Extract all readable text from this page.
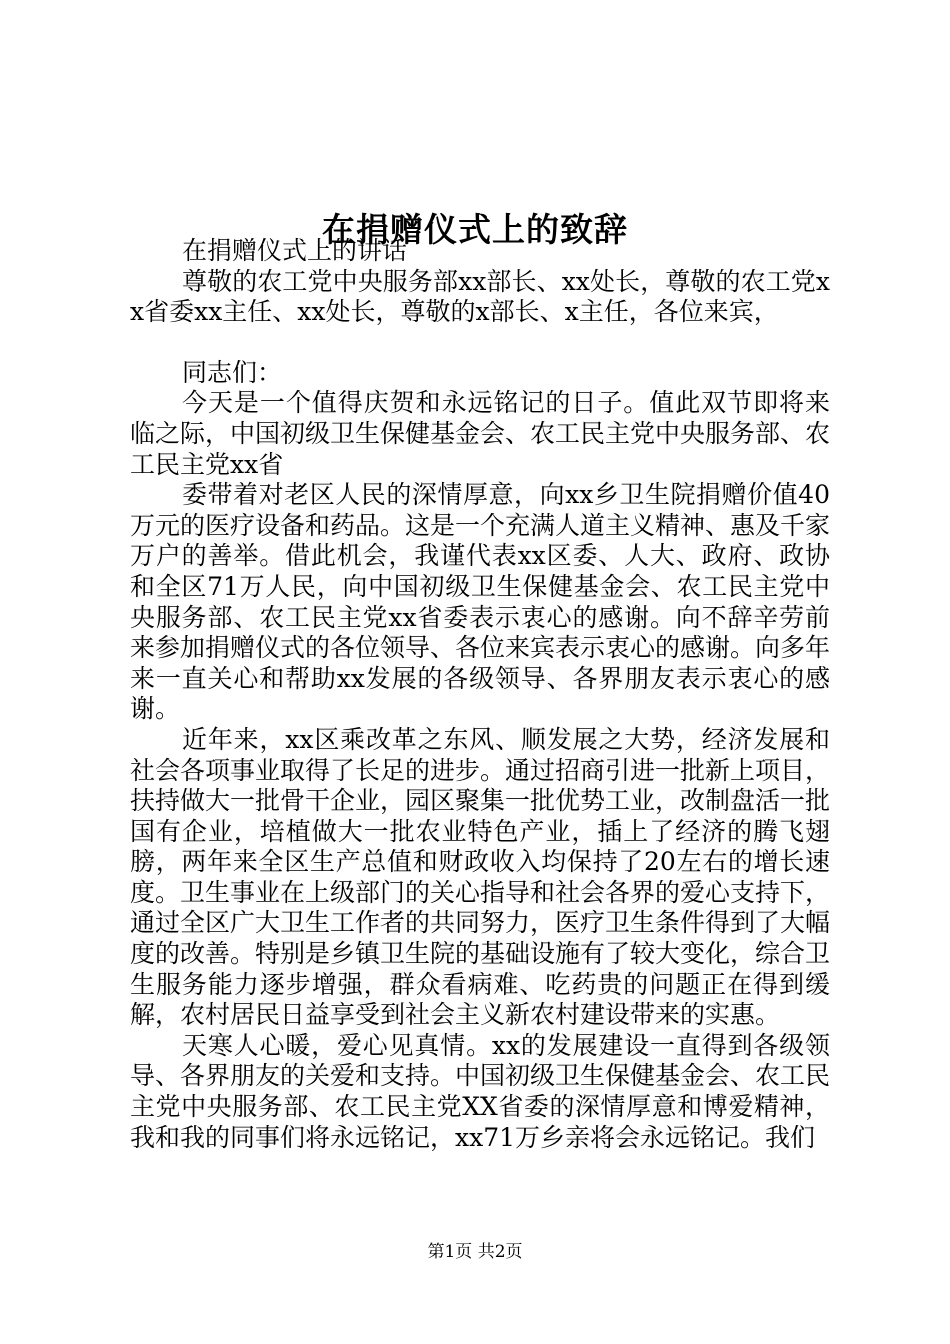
在捐赠仪式上的致辞

在捐赠仪式上的讲话

尊敬的农工党中央服务部xx部长、xx处长，尊敬的农工党xx省委xx主任、xx处长，尊敬的x部长、x主任，各位来宾，

同志们：

今天是一个值得庆贺和永远铭记的日子。值此双节即将来临之际，中国初级卫生保健基金会、农工民主党中央服务部、农工民主党xx省

委带着对老区人民的深情厚意，向xx乡卫生院捐赠价值40万元的医疗设备和药品。这是一个充满人道主义精神、惠及千家万户的善举。借此机会，我谨代表xx区委、人大、政府、政协和全区71万人民，向中国初级卫生保健基金会、农工民主党中央服务部、农工民主党xx省委表示衷心的感谢。向不辞辛劳前来参加捐赠仪式的各位领导、各位来宾表示衷心的感谢。向多年来一直关心和帮助xx发展的各级领导、各界朋友表示衷心的感谢。

近年来，xx区乘改革之东风、顺发展之大势，经济发展和社会各项事业取得了长足的进步。通过招商引进一批新上项目，扶持做大一批骨干企业，园区聚集一批优势工业，改制盘活一批国有企业，培植做大一批农业特色产业，插上了经济的腾飞翅膀，两年来全区生产总值和财政收入均保持了20左右的增长速度。卫生事业在上级部门的关心指导和社会各界的爱心支持下，通过全区广大卫生工作者的共同努力，医疗卫生条件得到了大幅度的改善。特别是乡镇卫生院的基础设施有了较大变化，综合卫生服务能力逐步增强，群众看病难、吃药贵的问题正在得到缓解，农村居民日益享受到社会主义新农村建设带来的实惠。

天寒人心暖，爱心见真情。xx的发展建设一直得到各级领导、各界朋友的关爱和支持。中国初级卫生保健基金会、农工民主党中央服务部、农工民主党XX省委的深情厚意和博爱精神，我和我的同事们将永远铭记，xx71万乡亲将会永远铭记。我们

第1页 共2页
